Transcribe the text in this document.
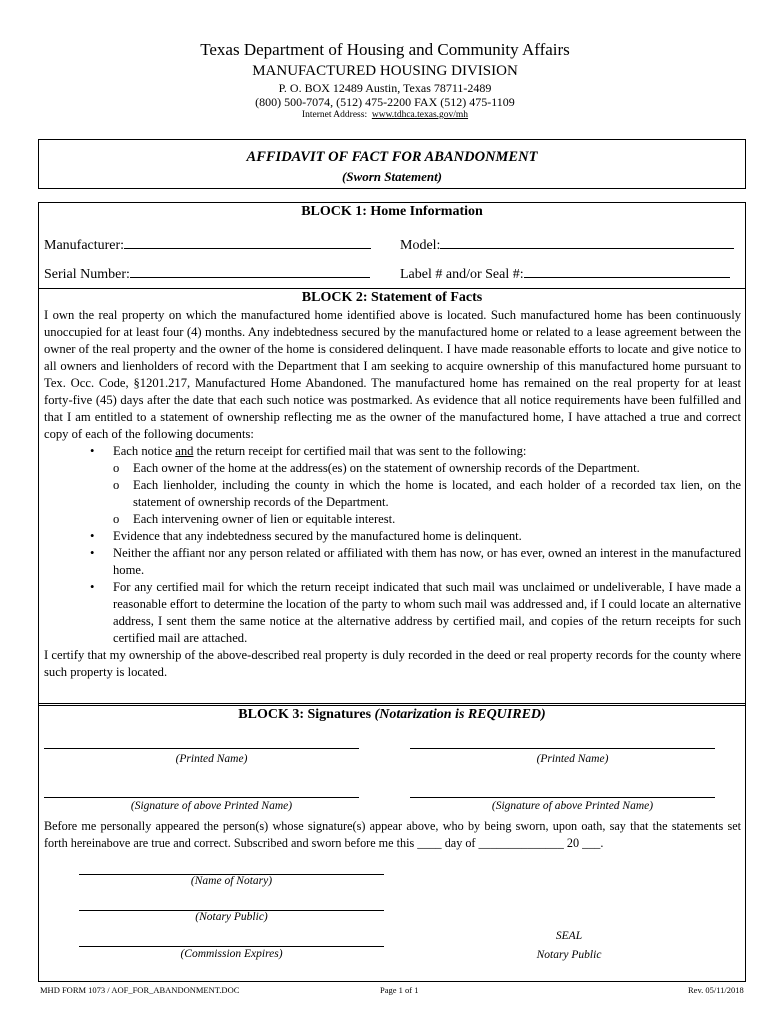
Texas Department of Housing and Community Affairs
MANUFACTURED HOUSING DIVISION
P. O. BOX 12489 Austin, Texas 78711-2489
(800) 500-7074, (512) 475-2200 FAX (512) 475-1109
Internet Address: www.tdhca.texas.gov/mh
AFFIDAVIT OF FACT FOR ABANDONMENT
(Sworn Statement)
BLOCK 1: Home Information
Manufacturer:	Model:
Serial Number:	Label # and/or Seal #:
BLOCK 2: Statement of Facts
I own the real property on which the manufactured home identified above is located. Such manufactured home has been continuously unoccupied for at least four (4) months. Any indebtedness secured by the manufactured home or related to a lease agreement between the owner of the real property and the owner of the home is considered delinquent. I have made reasonable efforts to locate and give notice to all owners and lienholders of record with the Department that I am seeking to acquire ownership of this manufactured home pursuant to Tex. Occ. Code, §1201.217, Manufactured Home Abandoned. The manufactured home has remained on the real property for at least forty-five (45) days after the date that each such notice was postmarked. As evidence that all notice requirements have been fulfilled and that I am entitled to a statement of ownership reflecting me as the owner of the manufactured home, I have attached a true and correct copy of each of the following documents:
• Each notice and the return receipt for certified mail that was sent to the following:
o Each owner of the home at the address(es) on the statement of ownership records of the Department.
o Each lienholder, including the county in which the home is located, and each holder of a recorded tax lien, on the statement of ownership records of the Department.
o Each intervening owner of lien or equitable interest.
• Evidence that any indebtedness secured by the manufactured home is delinquent.
• Neither the affiant nor any person related or affiliated with them has now, or has ever, owned an interest in the manufactured home.
• For any certified mail for which the return receipt indicated that such mail was unclaimed or undeliverable, I have made a reasonable effort to determine the location of the party to whom such mail was addressed and, if I could locate an alternative address, I sent them the same notice at the alternative address by certified mail, and copies of the return receipts for such certified mail are attached.
I certify that my ownership of the above-described real property is duly recorded in the deed or real property records for the county where such property is located.
BLOCK 3: Signatures (Notarization is REQUIRED)
(Printed Name)	(Printed Name)
(Signature of above Printed Name)	(Signature of above Printed Name)
Before me personally appeared the person(s) whose signature(s) appear above, who by being sworn, upon oath, say that the statements set forth hereinabove are true and correct. Subscribed and sworn before me this ____ day of ______________ 20 ___.
(Name of Notary)
(Notary Public)
(Commission Expires)
SEAL
Notary Public
MHD FORM 1073 / AOF_FOR_ABANDONMENT.DOC	Page 1 of 1	Rev. 05/11/2018
